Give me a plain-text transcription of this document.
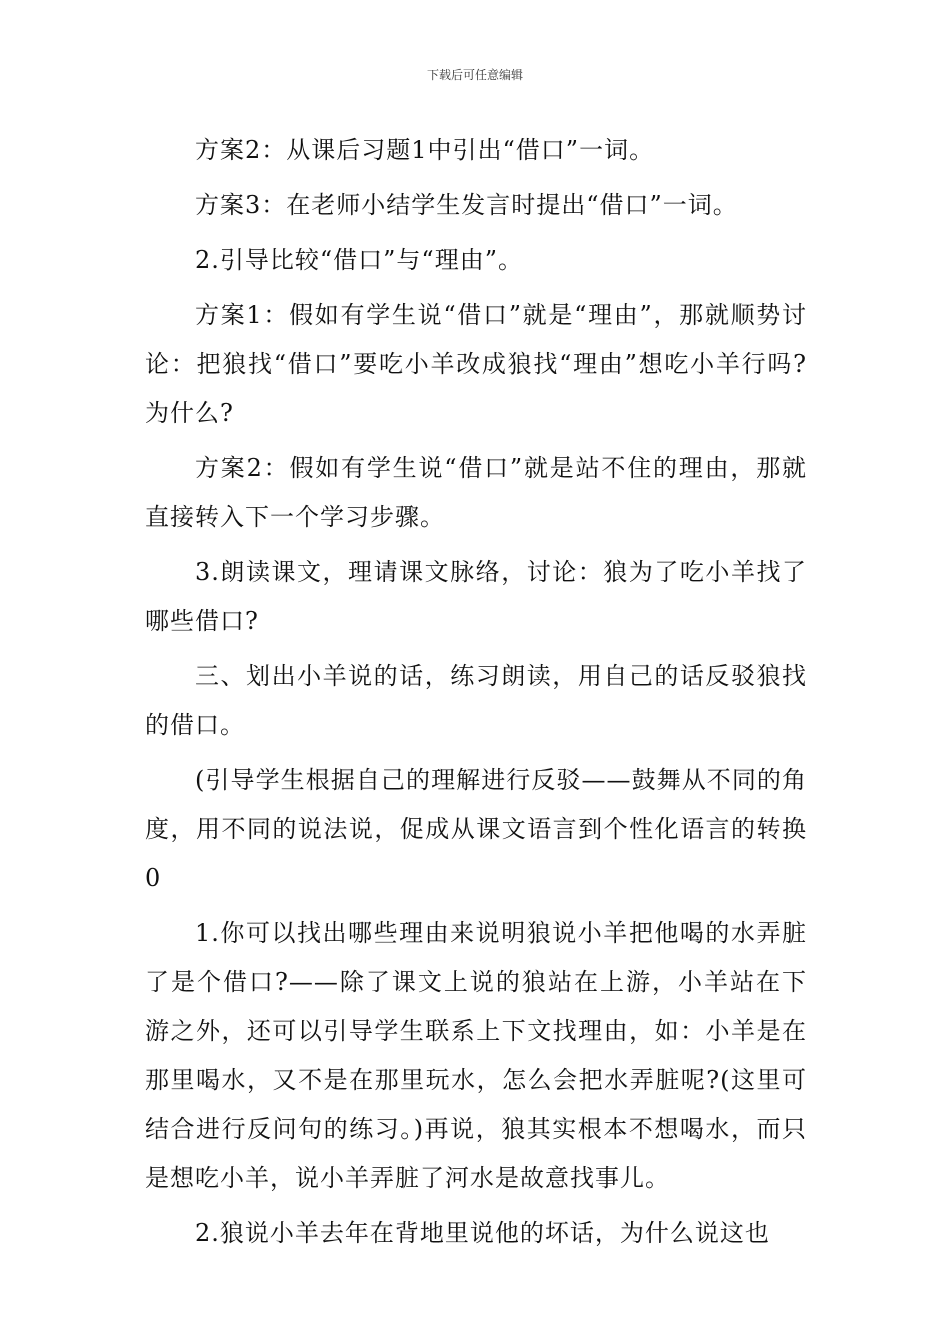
下载后可任意编辑

方案2：从课后习题1中引出“借口”一词。

方案3：在老师小结学生发言时提出“借口”一词。

2.引导比较“借口”与“理由”。

方案1：假如有学生说“借口”就是“理由”，那就顺势讨论：把狼找“借口”要吃小羊改成狼找“理由”想吃小羊行吗?为什么?

方案2：假如有学生说“借口”就是站不住的理由，那就直接转入下一个学习步骤。

3.朗读课文，理请课文脉络，讨论：狼为了吃小羊找了哪些借口?

三、划出小羊说的话，练习朗读，用自己的话反驳狼找的借口。

(引导学生根据自己的理解进行反驳——鼓舞从不同的角度，用不同的说法说，促成从课文语言到个性化语言的转换0

1.你可以找出哪些理由来说明狼说小羊把他喝的水弄脏了是个借口?——除了课文上说的狼站在上游，小羊站在下游之外，还可以引导学生联系上下文找理由，如：小羊是在那里喝水，又不是在那里玩水，怎么会把水弄脏呢?(这里可结合进行反问句的练习。)再说，狼其实根本不想喝水，而只是想吃小羊，说小羊弄脏了河水是故意找事儿。

2.狼说小羊去年在背地里说他的坏话，为什么说这也
